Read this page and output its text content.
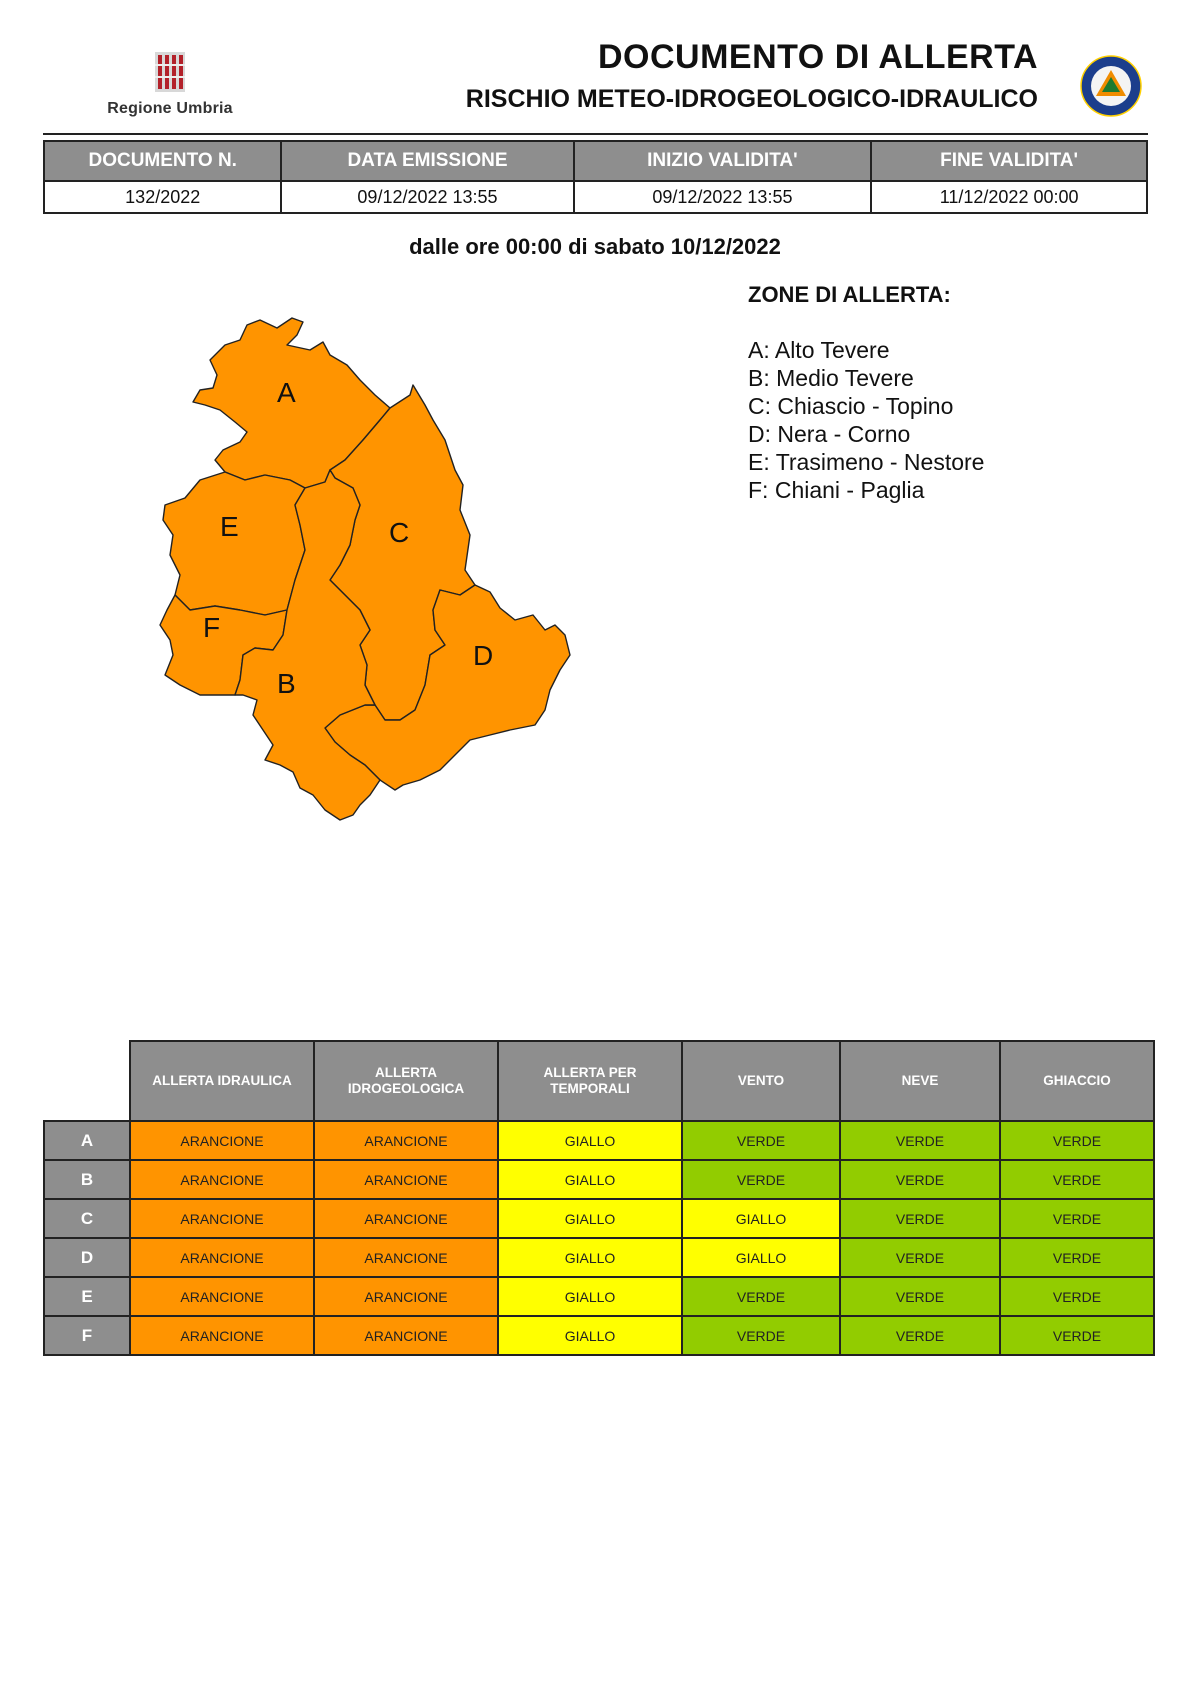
Regione Umbria
DOCUMENTO DI ALLERTA
RISCHIO METEO-IDROGEOLOGICO-IDRAULICO
DOCUMENTO N.	DATA EMISSIONE	INIZIO VALIDITA'	FINE VALIDITA'
132/2022	09/12/2022 13:55	09/12/2022 13:55	11/12/2022 00:00
dalle ore 00:00 di sabato 10/12/2022
A
B
C
D
E
F
ZONE DI ALLERTA:
A: Alto Tevere
B: Medio Tevere
C: Chiascio - Topino
D: Nera - Corno
E: Trasimeno - Nestore
F: Chiani - Paglia
	ALLERTA IDRAULICA	ALLERTA IDROGEOLOGICA	ALLERTA PER TEMPORALI	VENTO	NEVE	GHIACCIO
A	ARANCIONE	ARANCIONE	GIALLO	VERDE	VERDE	VERDE
B	ARANCIONE	ARANCIONE	GIALLO	VERDE	VERDE	VERDE
C	ARANCIONE	ARANCIONE	GIALLO	GIALLO	VERDE	VERDE
D	ARANCIONE	ARANCIONE	GIALLO	GIALLO	VERDE	VERDE
E	ARANCIONE	ARANCIONE	GIALLO	VERDE	VERDE	VERDE
F	ARANCIONE	ARANCIONE	GIALLO	VERDE	VERDE	VERDE
